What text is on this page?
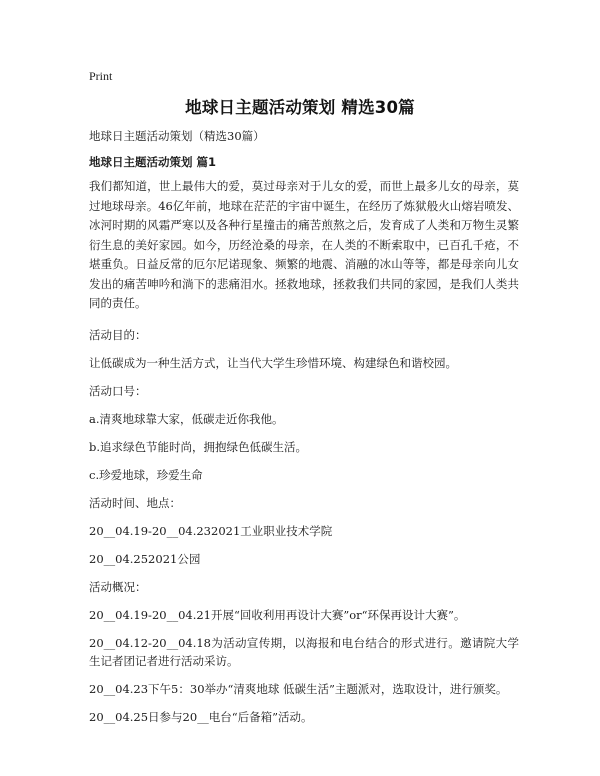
Print
地球日主题活动策划 精选30篇

地球日主题活动策划（精选30篇）

地球日主题活动策划 篇1

我们都知道，世上最伟大的爱，莫过母亲对于儿女的爱，而世上最多儿女的母亲，莫过地球母亲。46亿年前，地球在茫茫的宇宙中诞生，在经历了炼狱般火山熔岩喷发、冰河时期的风霜严寒以及各种行星撞击的痛苦煎熬之后，发育成了人类和万物生灵繁衍生息的美好家园。如今，历经沧桑的母亲，在人类的不断索取中，已百孔千疮，不堪重负。日益反常的厄尔尼诺现象、频繁的地震、消融的冰山等等，都是母亲向儿女发出的痛苦呻吟和淌下的悲痛泪水。拯救地球，拯救我们共同的家园，是我们人类共同的责任。

活动目的：

让低碳成为一种生活方式，让当代大学生珍惜环境、构建绿色和谐校园。

活动口号：

a.清爽地球靠大家，低碳走近你我他。

b.追求绿色节能时尚，拥抱绿色低碳生活。

c.珍爱地球，珍爱生命

活动时间、地点：

20__04.19-20__04.232021工业职业技术学院

20__04.252021公园

活动概况：

20__04.19-20__04.21开展“回收利用再设计大赛”or“环保再设计大赛”。

20__04.12-20__04.18为活动宣传期，以海报和电台结合的形式进行。邀请院大学生记者团记者进行活动采访。

20__04.23下午5：30举办“清爽地球 低碳生活”主题派对，选取设计，进行颁奖。

20__04.25日参与20__电台“后备箱”活动。
